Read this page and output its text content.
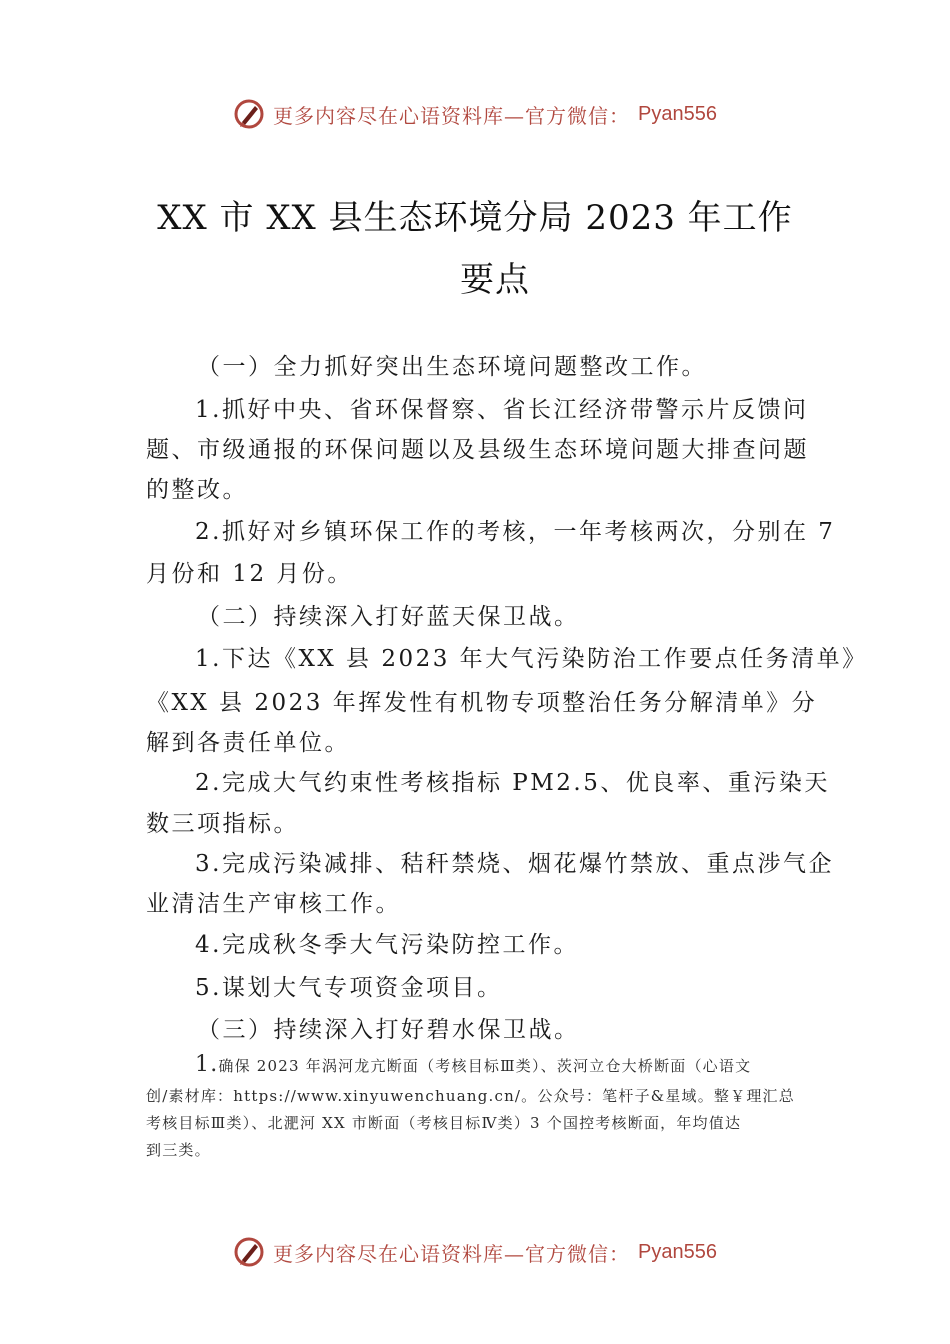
更多内容尽在心语资料库—官方微信： Pyan556
XX 市 XX 县生态环境分局 2023 年工作
要点
（一）全力抓好突出生态环境问题整改工作。
1.抓好中央、省环保督察、省长江经济带警示片反馈问
题、市级通报的环保问题以及县级生态环境问题大排查问题
的整改。
2.抓好对乡镇环保工作的考核，一年考核两次，分别在 7
月份和 12 月份。
（二）持续深入打好蓝天保卫战。
1.下达《XX 县 2023 年大气污染防治工作要点任务清单》
《XX 县 2023 年挥发性有机物专项整治任务分解清单》分
解到各责任单位。
2.完成大气约束性考核指标 PM2.5、优良率、重污染天
数三项指标。
3.完成污染减排、秸秆禁烧、烟花爆竹禁放、重点涉气企
业清洁生产审核工作。
4.完成秋冬季大气污染防控工作。
5.谋划大气专项资金项目。
（三）持续深入打好碧水保卫战。
1.确保 2023 年涡河龙亢断面（考核目标Ⅲ类）、茨河立仓大桥断面（心语文
创/素材库：https://www.xinyuwenchuang.cn/。公众号：笔杆子&星域。整￥理汇总
考核目标Ⅲ类）、北淝河 XX 市断面（考核目标Ⅳ类）3 个国控考核断面，年均值达
到三类。
更多内容尽在心语资料库—官方微信： Pyan556
